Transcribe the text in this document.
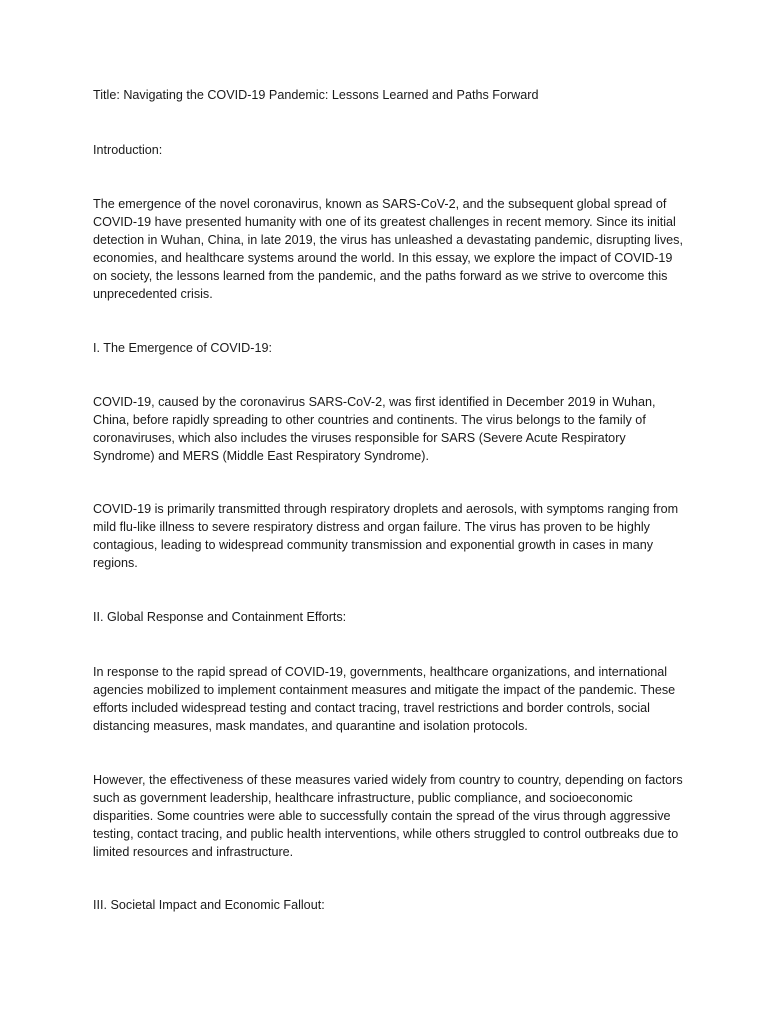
Title: Navigating the COVID-19 Pandemic: Lessons Learned and Paths Forward

Introduction:

The emergence of the novel coronavirus, known as SARS-CoV-2, and the subsequent global spread of COVID-19 have presented humanity with one of its greatest challenges in recent memory. Since its initial detection in Wuhan, China, in late 2019, the virus has unleashed a devastating pandemic, disrupting lives, economies, and healthcare systems around the world. In this essay, we explore the impact of COVID-19 on society, the lessons learned from the pandemic, and the paths forward as we strive to overcome this unprecedented crisis.

I. The Emergence of COVID-19:

COVID-19, caused by the coronavirus SARS-CoV-2, was first identified in December 2019 in Wuhan, China, before rapidly spreading to other countries and continents. The virus belongs to the family of coronaviruses, which also includes the viruses responsible for SARS (Severe Acute Respiratory Syndrome) and MERS (Middle East Respiratory Syndrome).

COVID-19 is primarily transmitted through respiratory droplets and aerosols, with symptoms ranging from mild flu-like illness to severe respiratory distress and organ failure. The virus has proven to be highly contagious, leading to widespread community transmission and exponential growth in cases in many regions.

II. Global Response and Containment Efforts:

In response to the rapid spread of COVID-19, governments, healthcare organizations, and international agencies mobilized to implement containment measures and mitigate the impact of the pandemic. These efforts included widespread testing and contact tracing, travel restrictions and border controls, social distancing measures, mask mandates, and quarantine and isolation protocols.

However, the effectiveness of these measures varied widely from country to country, depending on factors such as government leadership, healthcare infrastructure, public compliance, and socioeconomic disparities. Some countries were able to successfully contain the spread of the virus through aggressive testing, contact tracing, and public health interventions, while others struggled to control outbreaks due to limited resources and infrastructure.

III. Societal Impact and Economic Fallout:
